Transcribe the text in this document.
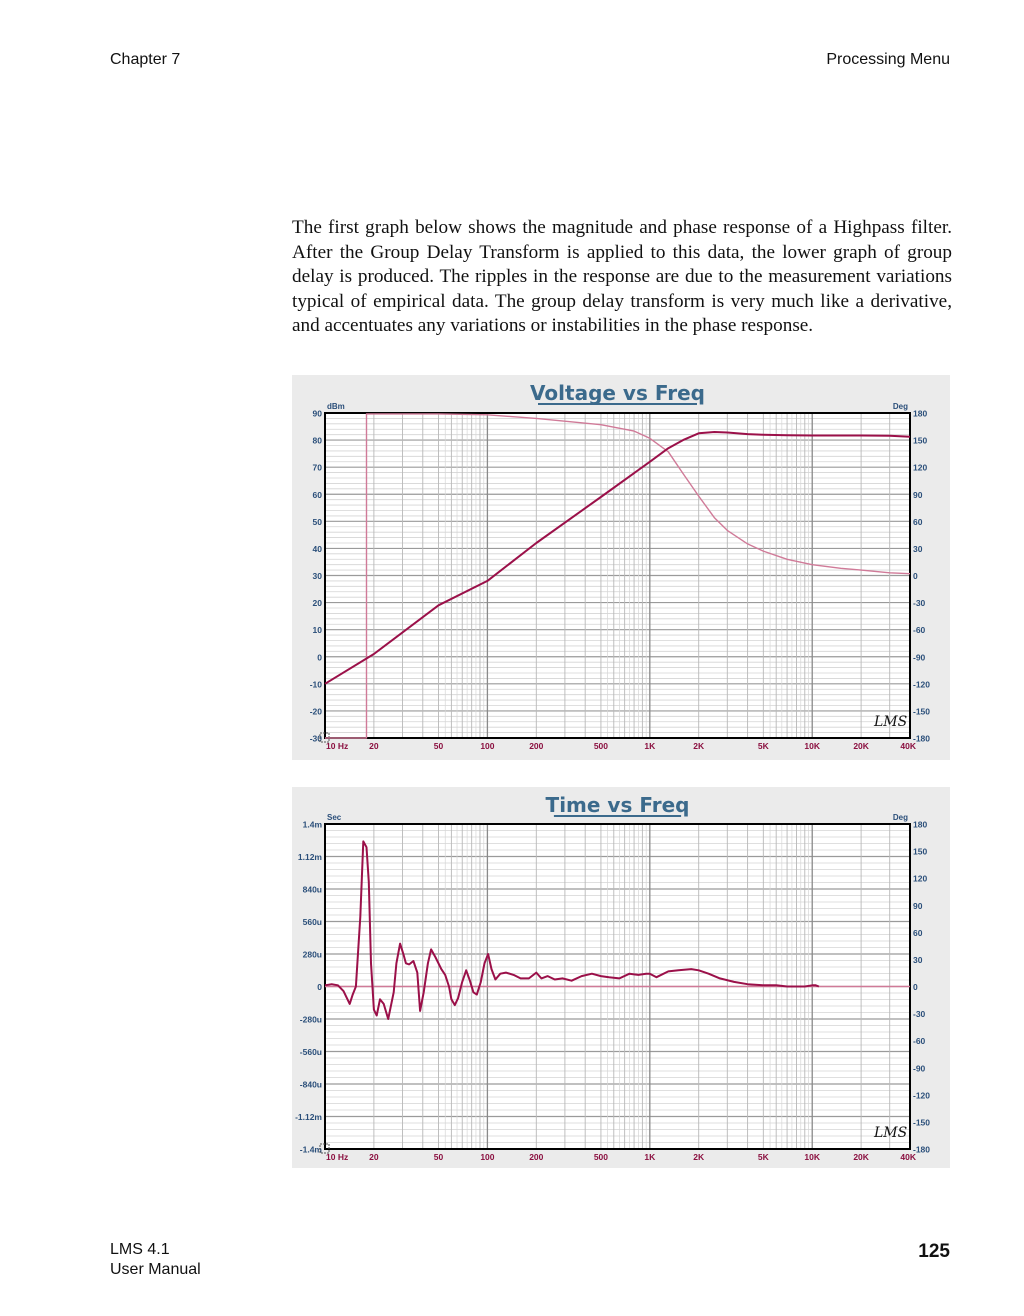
Chapter 7	Processing Menu
The first graph below shows the magnitude and phase response of a Highpass filter. After the Group Delay Transform is applied to this data, the lower graph of group delay is produced. The ripples in the response are due to the measurement variations typical of empirical data. The group delay transform is very much like a derivative, and accentuates any variations or instabilities in the phase response.
Voltage vs Freq
90
80
70
60
50
40
30
20
10
0
-10
-20
-30
dBm
180
150
120
90
60
30
0
-30
-60
-90
-120
-150
-180
Deg
10 Hz 20	50	100	200	500	1K	2K	5K	10K	20K	40K
LMS
Time vs Freq
1.4m
1.12m
840u
560u
280u
0
-280u
-560u
-840u
-1.12m
-1.4m
Sec
180
150
120
90
60
30
0
-30
-60
-90
-120
-150
-180
Deg
10 Hz 20	50	100	200	500	1K	2K	5K	10K	20K	40K
LMS
LMS 4.1
User Manual
125
